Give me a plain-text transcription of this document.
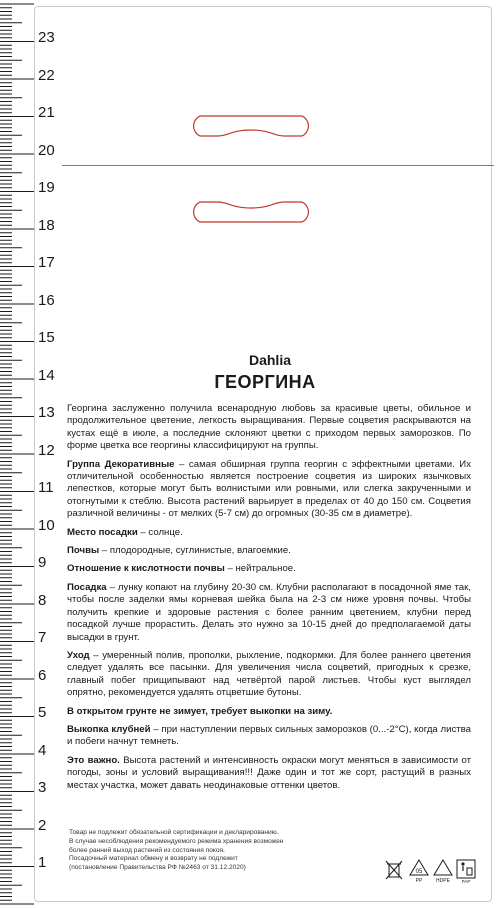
23
22
21
20
19
18
17
16
15
14
13
12
11
10
9
8
7
6
5
4
3
2
1
Dahlia
ГЕОРГИНА

Георгина заслуженно получила всенародную любовь за красивые цветы, обильное и продолжительное цветение, легкость выращивания. Первые соцветия раскрываются на кустах ещё в июле, а последние склоняют цветки с приходом первых заморозков. По форме цветка все георгины классифицируют на группы.

Группа Декоративные – самая обширная группа георгин с эффектными цветами. Их отличительной особенностью является построение соцветия из широких язычковых лепестков, которые могут быть волнистыми или ровными, или слегка закрученными и отогнутыми к стеблю. Высота растений варьирует в пределах от 40 до 150 см. Соцветия различной величины - от мелких (5-7 см) до огромных (30-35 см в диаметре).

Место посадки – солнце.

Почвы – плодородные, суглинистые, влагоемкие.

Отношение к кислотности почвы – нейтральное.

Посадка – лунку копают на глубину 20-30 см. Клубни располагают в посадочной яме так, чтобы после заделки ямы корневая шейка была на 2-3 см ниже уровня почвы. Чтобы получить крепкие и здоровые растения с более ранним цветением, клубни перед посадкой лучше прорастить. Делать это нужно за 10-15 дней до предполагаемой даты высадки в грунт.

Уход – умеренный полив, прополки, рыхление, подкормки. Для более раннего цветения следует удалять все пасынки. Для увеличения числа соцветий, пригодных к срезке, главный побег прищипывают над четвёртой парой листьев. Чтобы куст выглядел опрятно, рекомендуется удалять отцветшие бутоны.

В открытом грунте не зимует, требует выкопки на зиму.

Выкопка клубней – при наступлении первых сильных заморозков (0...-2°С), когда листва и побеги начнут темнеть.

Это важно. Высота растений и интенсивность окраски могут меняться в зависимости от погоды, зоны и условий выращивания!!! Даже один и тот же сорт, растущий в разных местах участка, может давать неодинаковые оттенки цветов.

Товар не подлежит обязательной сертификации и декларированию.
В случае несоблюдения рекомендуемого режима хранения возможен
более ранний выход растений из состояния покоя.
Посадочный материал обмену и возврату не подлежит
(постановление Правительства РФ №2463 от 31.12.2020)
05
PP	HDPE	PAP
